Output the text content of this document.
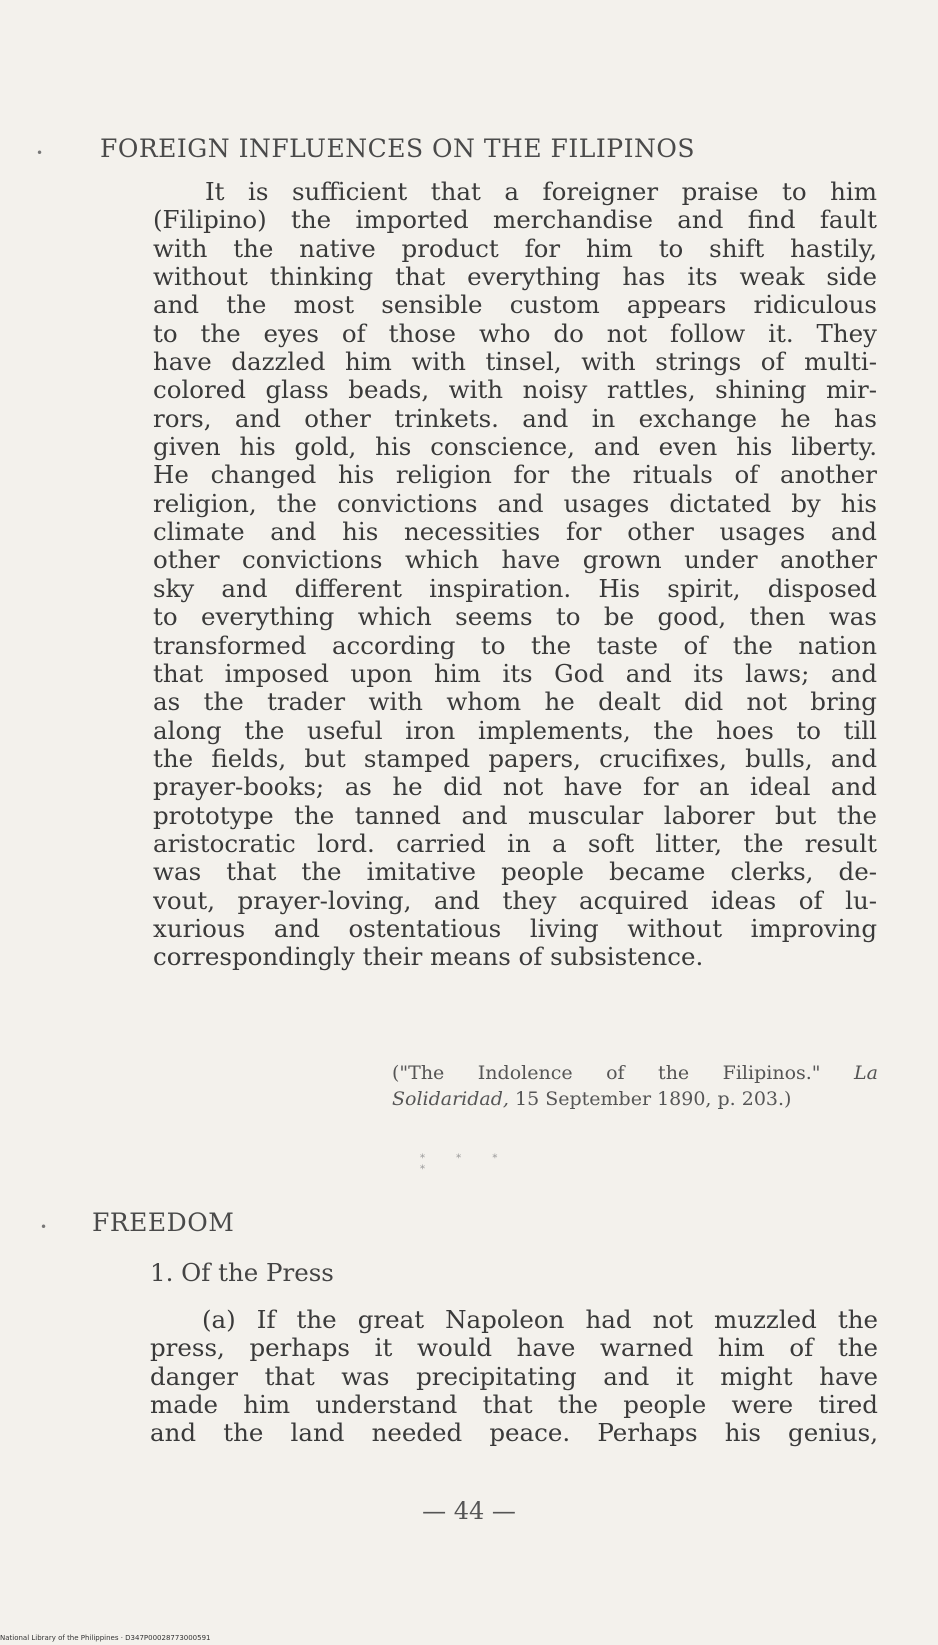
• FOREIGN INFLUENCES ON THE FILIPINOS
It is sufficient that a foreigner praise to him
(Filipino) the imported merchandise and find fault
with the native product for him to shift hastily,
without thinking that everything has its weak side
and the most sensible custom appears ridiculous
to the eyes of those who do not follow it. They
have dazzled him with tinsel, with strings of multi-
colored glass beads, with noisy rattles, shining mir-
rors, and other trinkets. and in exchange he has
given his gold, his conscience, and even his liberty.
He changed his religion for the rituals of another
religion, the convictions and usages dictated by his
climate and his necessities for other usages and
other convictions which have grown under another
sky and different inspiration. His spirit, disposed
to everything which seems to be good, then was
transformed according to the taste of the nation
that imposed upon him its God and its laws; and
as the trader with whom he dealt did not bring
along the useful iron implements, the hoes to till
the fields, but stamped papers, crucifixes, bulls, and
prayer-books; as he did not have for an ideal and
prototype the tanned and muscular laborer but the
aristocratic lord. carried in a soft litter, the result
was that the imitative people became clerks, de-
vout, prayer-loving, and they acquired ideas of lu-
xurious and ostentatious living without improving
correspondingly their means of subsistence.
("The Indolence of the Filipinos." La
Solidaridad, 15 September 1890, p. 203.)
* * * *
• FREEDOM
1. Of the Press
(a) If the great Napoleon had not muzzled the
press, perhaps it would have warned him of the
danger that was precipitating and it might have
made him understand that the people were tired
and the land needed peace. Perhaps his genius,
— 44 —
National Library of the Philippines · D347P00028773000591
